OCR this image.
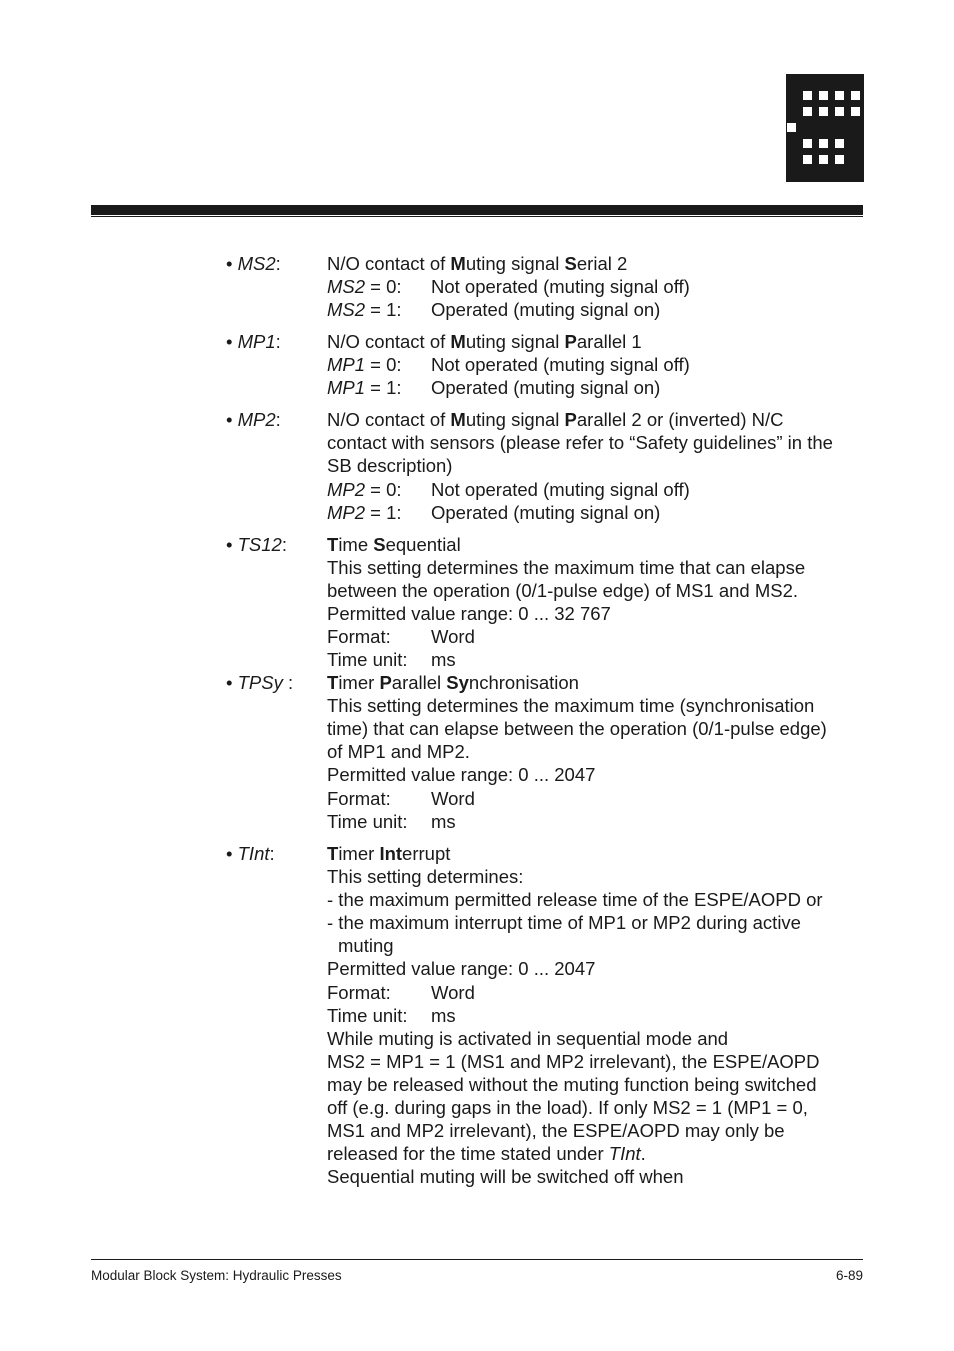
• MS2: N/O contact of Muting signal Serial 2
MS2 = 0: Not operated (muting signal off)
MS2 = 1: Operated (muting signal on)
• MP1: N/O contact of Muting signal Parallel 1
MP1 = 0: Not operated (muting signal off)
MP1 = 1: Operated (muting signal on)
• MP2: N/O contact of Muting signal Parallel 2 or (inverted) N/C
contact with sensors (please refer to “Safety guidelines” in the
SB description)
MP2 = 0: Not operated (muting signal off)
MP2 = 1: Operated (muting signal on)
• TS12: Time Sequential
This setting determines the maximum time that can elapse
between the operation (0/1-pulse edge) of MS1 and MS2.
Permitted value range: 0 ... 32 767
Format: Word
Time unit: ms
• TPSy : Timer Parallel Synchronisation
This setting determines the maximum time (synchronisation
time) that can elapse between the operation (0/1-pulse edge)
of MP1 and MP2.
Permitted value range: 0 ... 2047
Format: Word
Time unit: ms
• TInt:	Timer Interrupt
This setting determines:
- the maximum permitted release time of the ESPE/AOPD or
- the maximum interrupt time of MP1 or MP2 during active
muting
Permitted value range: 0 ... 2047
Format: Word
Time unit: ms
While muting is activated in sequential mode and
MS2 = MP1 = 1 (MS1 and MP2 irrelevant), the ESPE/AOPD
may be released without the muting function being switched
off (e.g. during gaps in the load). If only MS2 = 1 (MP1 = 0,
MS1 and MP2 irrelevant), the ESPE/AOPD may only be
released for the time stated under TInt.
Sequential muting will be switched off when
Modular Block System: Hydraulic Presses	6-89
